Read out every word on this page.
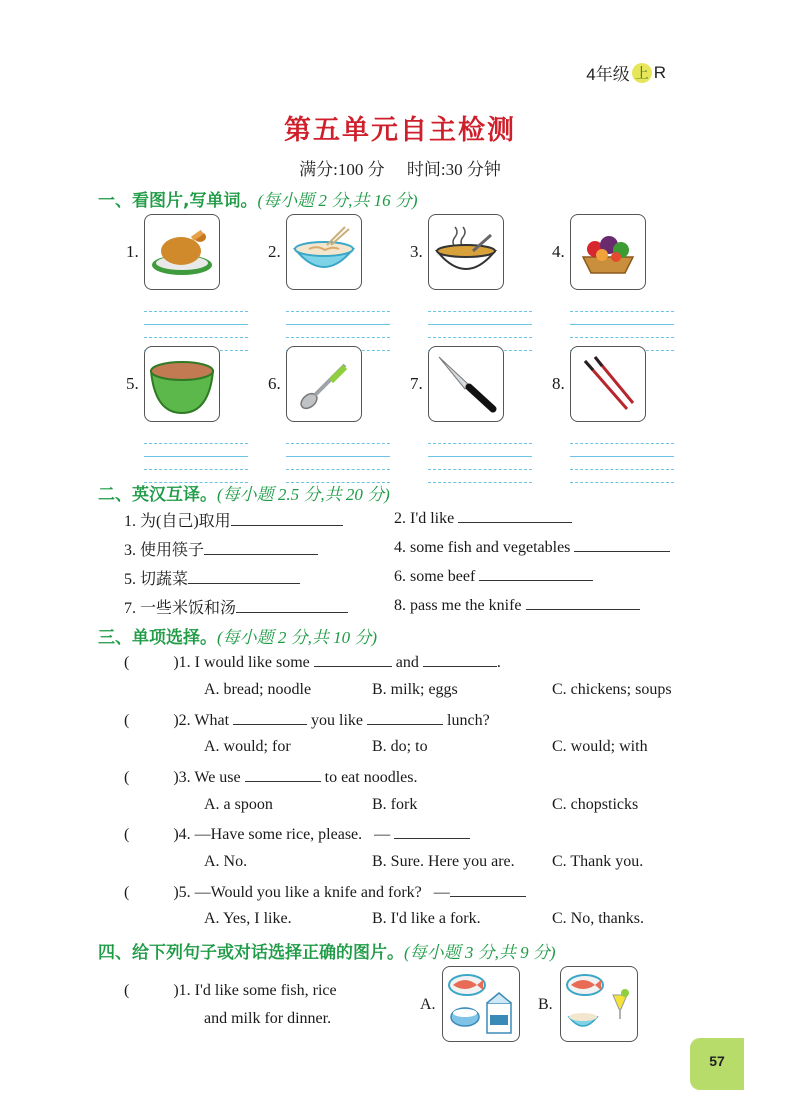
4年级 上 R
第五单元自主检测
满分:100 分 时间:30 分钟
一、看图片,写单词。(每小题 2 分,共 16 分)
1.	2.	3.	4.
5.	6.	7.	8.
二、英汉互译。(每小题 2.5 分,共 20 分)
1. 为(自己)取用	2. I'd like
3. 使用筷子	4. some fish and vegetables
5. 切蔬菜	6. some beef
7. 一些米饭和汤	8. pass me the knife
三、单项选择。(每小题 2 分,共 10 分)
(	)1. I would like some	and	.
A. bread; noodle	B. milk; eggs	C. chickens; soups
(	)2. What	you like	lunch?
A. would; for	B. do; to	C. would; with
(	)3. We use	to eat noodles.
A. a spoon	B. fork	C. chopsticks
(	)4. —Have some rice, please. —
A. No.	B. Sure. Here you are. C. Thank you.
(	)5. —Would you like a knife and fork? —
A. Yes, I like.	B. I'd like a fork.	C. No, thanks.
四、给下列句子或对话选择正确的图片。(每小题 3 分,共 9 分)
(	)1. I'd like some fish, rice
and milk for dinner.
A.	B.
57
